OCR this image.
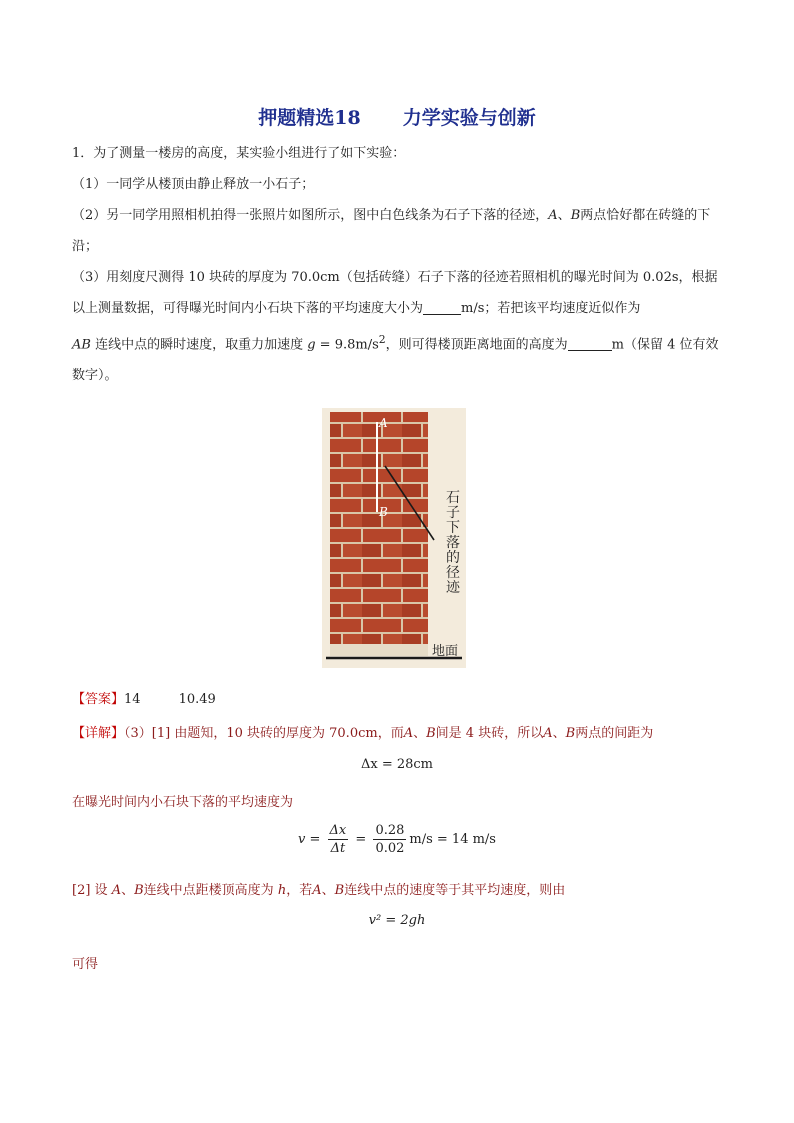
押题精选18 力学实验与创新
1．为了测量一楼房的高度，某实验小组进行了如下实验：
（1）一同学从楼顶由静止释放一小石子；
（2）另一同学用照相机拍得一张照片如图所示，图中白色线条为石子下落的径迹，A、B两点恰好都在砖缝的下沿；
（3）用刻度尺测得 10 块砖的厚度为 70.0cm（包括砖缝）石子下落的径迹若照相机的曝光时间为 0.02s，根据以上测量数据，可得曝光时间内小石块下落的平均速度大小为	m/s；若把该平均速度近似作为
AB 连线中点的瞬时速度，取重力加速度 $g = 9.8m/s^2$，则可得楼顶距离地面的高度为	m（保留 4 位有效数字）。
A
B
石 子 下 落 的 径 迹
地面
【答案】14	10.49
【详解】（3）[1] 由题知，10 块砖的厚度为 70.0cm，而A、B间是 4 块砖，所以A、B两点的间距为
Δx = 28cm
在曝光时间内小石块下落的平均速度为
$v = \frac{\Delta x}{\Delta t} = \frac{0.28}{0.02} m/s = 14$ m/s
[2] 设 A、B连线中点距楼顶高度为 h，若A、B连线中点的速度等于其平均速度，则由
v² = 2gh
可得
